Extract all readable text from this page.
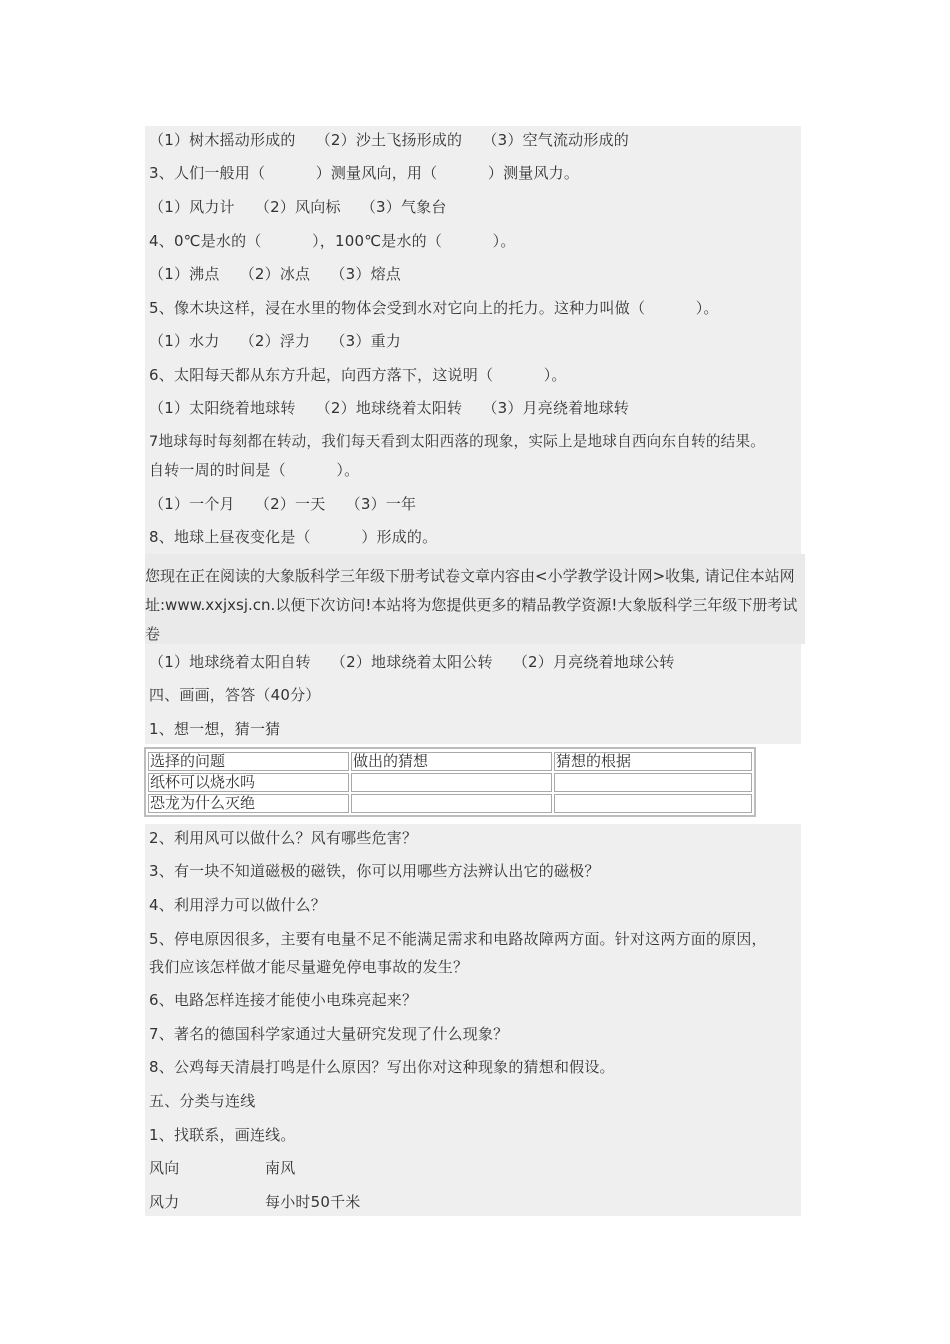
（1）树木摇动形成的　 （2）沙土飞扬形成的　 （3）空气流动形成的
3、人们一般用（　　　 ）测量风向，用（　　　 ）测量风力。
（1）风力计　 （2）风向标　 （3）气象台
4、0℃是水的（　　　 ），100℃是水的（　　　 ）。
（1）沸点　 （2）冰点　 （3）熔点
5、像木块这样，浸在水里的物体会受到水对它向上的托力。这种力叫做（　　　 ）。
（1）水力　 （2）浮力　 （3）重力
6、太阳每天都从东方升起，向西方落下，这说明（　　　 ）。
（1）太阳绕着地球转　 （2）地球绕着太阳转　 （3）月亮绕着地球转
7地球每时每刻都在转动，我们每天看到太阳西落的现象，实际上是地球自西向东自转的结果。
自转一周的时间是（　　　 ）。
（1）一个月　 （2）一天　 （3）一年
8、地球上昼夜变化是（　　　 ）形成的。
您现在正在阅读的大象版科学三年级下册考试卷文章内容由<小学教学设计网>收集, 请记住本站网址:www.xxjxsj.cn.以便下次访问!本站将为您提供更多的精品教学资源!大象版科学三年级下册考试卷
（1）地球绕着太阳自转　 （2）地球绕着太阳公转　 （2）月亮绕着地球公转
四、画画，答答（40分）
1、想一想，猜一猜
选择的问题	做出的猜想	猜想的根据
纸杯可以烧水吗
恐龙为什么灭绝
2、利用风可以做什么？风有哪些危害？
3、有一块不知道磁极的磁铁，你可以用哪些方法辨认出它的磁极？
4、利用浮力可以做什么？
5、停电原因很多，主要有电量不足不能满足需求和电路故障两方面。针对这两方面的原因，
我们应该怎样做才能尽量避免停电事故的发生？
6、电路怎样连接才能使小电珠亮起来？
7、著名的德国科学家通过大量研究发现了什么现象？
8、公鸡每天清晨打鸣是什么原因？写出你对这种现象的猜想和假设。
五、分类与连线
1、找联系，画连线。
风向	南风
风力	每小时50千米
